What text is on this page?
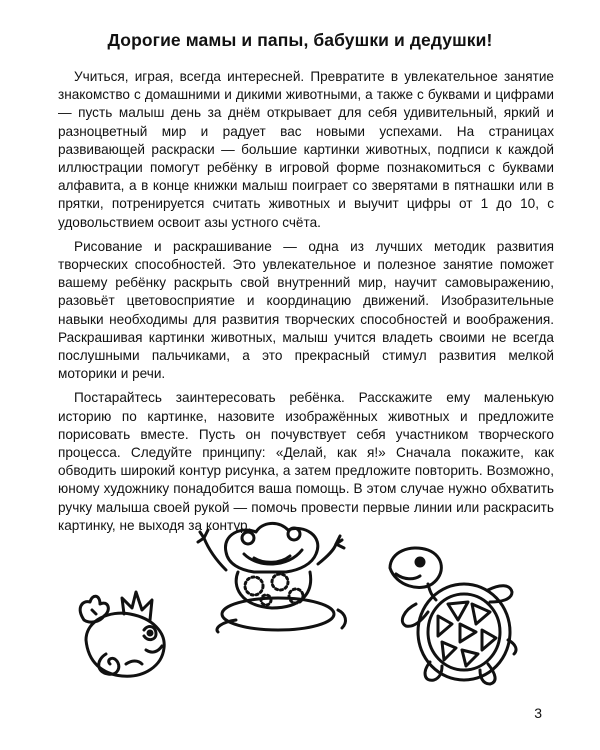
Дорогие мамы и папы, бабушки и дедушки!

Учиться, играя, всегда интересней. Превратите в увлекательное занятие знакомство с домашними и дикими животными, а также с буквами и цифрами — пусть малыш день за днём открывает для себя удивительный, яркий и разноцветный мир и радует вас новыми успехами. На страницах развивающей раскраски — большие картинки животных, подписи к каждой иллюстрации помогут ребёнку в игровой форме познакомиться с буквами алфавита, а в конце книжки малыш поиграет со зверятами в пятнашки или в прятки, потренируется считать животных и выучит цифры от 1 до 10, с удовольствием освоит азы устного счёта.

Рисование и раскрашивание — одна из лучших методик развития творческих способностей. Это увлекательное и полезное занятие поможет вашему ребёнку раскрыть свой внутренний мир, научит самовыражению, разовьёт цветовосприятие и координацию движений. Изобразительные навыки необходимы для развития творческих способностей и воображения. Раскрашивая картинки животных, малыш учится владеть своими не всегда послушными пальчиками, а это прекрасный стимул развития мелкой моторики и речи.

Постарайтесь заинтересовать ребёнка. Расскажите ему маленькую историю по картинке, назовите изображённых животных и предложите порисовать вместе. Пусть он почувствует себя участником творческого процесса. Следуйте принципу: «Делай, как я!» Сначала покажите, как обводить широкий контур рисунка, а затем предложите повторить. Возможно, юному художнику понадобится ваша помощь. В этом случае нужно обхватить ручку малыша своей рукой — помочь провести первые линии или раскрасить картинку, не выходя за контур.

3
